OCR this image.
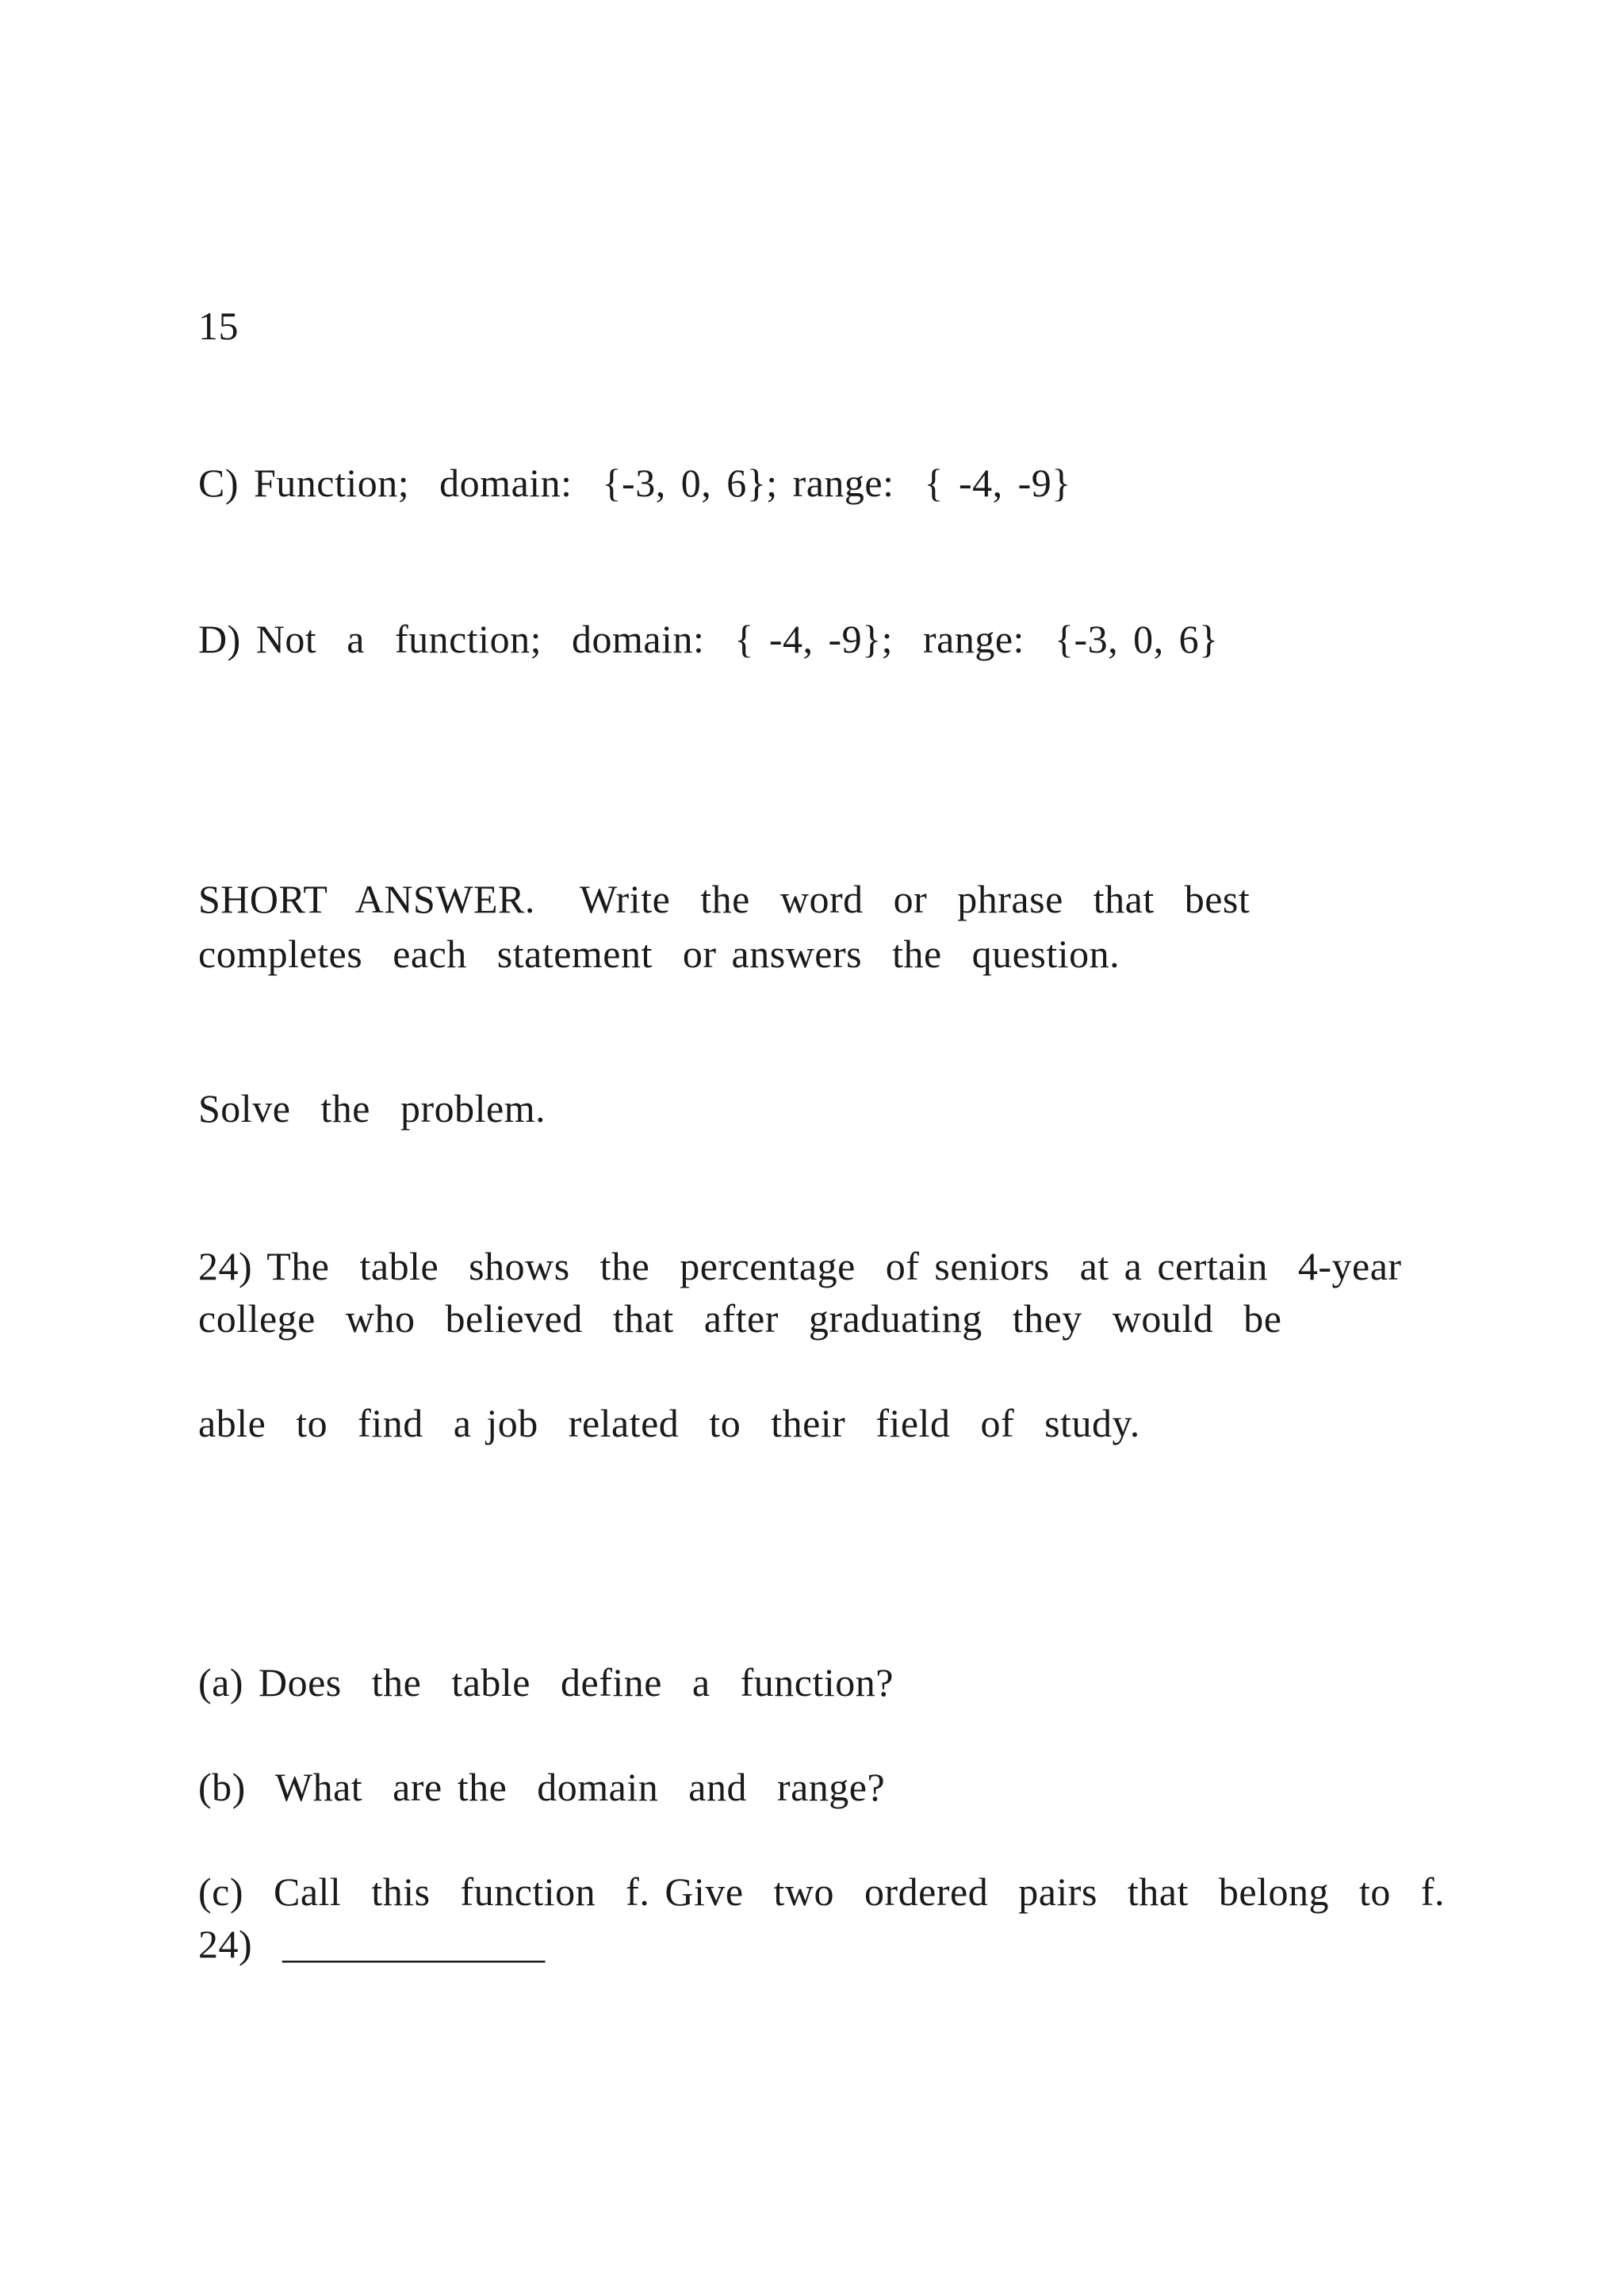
15
C) Function;  domain:  {-3, 0, 6}; range:  { -4, -9}
D) Not  a  function;  domain:  { -4, -9};  range:  {-3, 0, 6}
SHORT  ANSWER.   Write  the  word  or  phrase  that  best
completes  each  statement  or answers  the  question.
Solve  the  problem.
24) The  table  shows  the  percentage  of seniors  at a certain  4-year
college  who  believed  that  after  graduating  they  would  be
able  to  find  a job  related  to  their  field  of  study.
(a) Does  the  table  define  a  function?
(b)  What  are the  domain  and  range?
(c)  Call  this  function  f. Give  two  ordered  pairs  that  belong  to  f.
24) _____________
